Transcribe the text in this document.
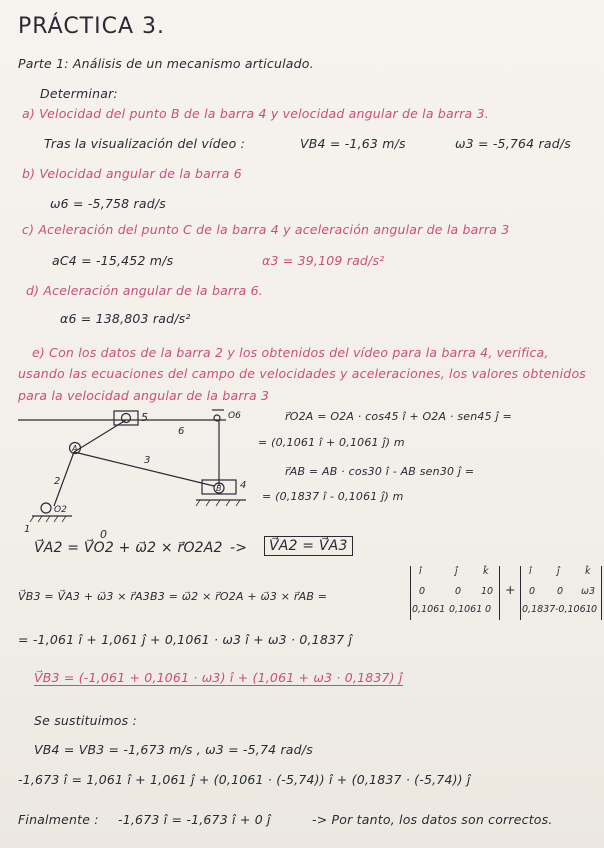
PRÁCTICA 3.
Parte 1: Análisis de un mecanismo articulado.
Determinar:
a) Velocidad del punto B de la barra 4 y velocidad angular de la barra 3.
Tras la visualización del vídeo :	VB4 = -1,63 m/s	ω3 = -5,764 rad/s
b) Velocidad angular de la barra 6
ω6 = -5,758 rad/s
c) Aceleración del punto C de la barra 4 y aceleración angular de la barra 3
aC4 = -15,452 m/s	α3 = 39,109 rad/s²
d) Aceleración angular de la barra 6.
α6 = 138,803 rad/s²
e) Con los datos de la barra 2 y los obtenidos del vídeo para la barra 4, verifica,
usando las ecuaciones del campo de velocidades y aceleraciones, los valores obtenidos
para la velocidad angular de la barra 3
5
6
O6
3
A
2
B 4
O2
1
r⃗O2A = O2A · cos45 î + O2A · sen45 ĵ =
= (0,1061 î + 0,1061 ĵ) m
r⃗AB = AB · cos30 î - AB sen30 ĵ =
= (0,1837 î - 0,1061 ĵ) m
0
V⃗A2 = V⃗O2 + ω⃗2 × r⃗O2A2 ->	V⃗A2 = V⃗A3
V⃗B3 = V⃗A3 + ω⃗3 × r⃗A3B3 = ω⃗2 × r⃗O2A + ω⃗3 × r⃗AB =
î	ĵ	k̂
0	0 10
0,1061 0,1061 0
+
î	ĵ	k̂
0 0 ω3
0,1837 -0,1061 0
= -1,061 î + 1,061 ĵ + 0,1061 · ω3 î + ω3 · 0,1837 ĵ
V⃗B3 = (-1,061 + 0,1061 · ω3) î + (1,061 + ω3 · 0,1837) ĵ
Se sustituimos :
VB4 = VB3 = -1,673 m/s , ω3 = -5,74 rad/s
-1,673 î = 1,061 î + 1,061 ĵ + (0,1061 · (-5,74)) î + (0,1837 · (-5,74)) ĵ
Finalmente : -1,673 î = -1,673 î + 0 ĵ	-> Por tanto, los datos son correctos.
